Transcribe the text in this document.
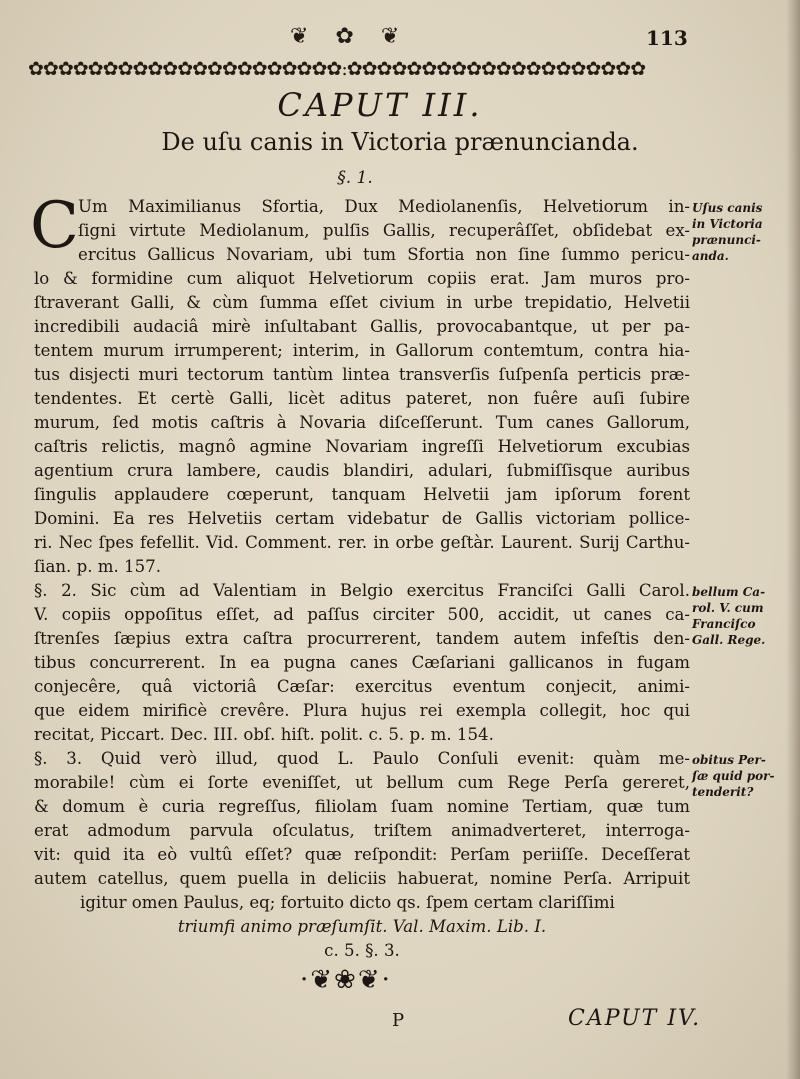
❦ ✿ ❦	113
✿✿✿✿✿✿✿✿✿✿✿✿✿✿✿✿✿✿✿✿✿:✿✿✿✿✿✿✿✿✿✿✿✿✿✿✿✿✿✿✿✿
CAPUT III.
De uſu canis in Victoria prænuncianda.
§. 1.
C Um Maximilianus Sfortia, Dux Mediolanenſis, Helvetiorum in-
ſigni virtute Mediolanum, pulſis Gallis, recuperâſſet, obſidebat ex-
ercitus Gallicus Novariam, ubi tum Sfortia non ſine ſummo pericu-
lo & formidine cum aliquot Helvetiorum copiis erat. Jam muros pro-
ſtraverant Galli, & cùm ſumma eſſet civium in urbe trepidatio, Helvetii
incredibili audaciâ mirè inſultabant Gallis, provocabantque, ut per pa-
tentem murum irrumperent; interim, in Gallorum contemtum, contra hia-
tus disjecti muri tectorum tantùm lintea transverſis ſuſpenſa perticis præ-
tendentes. Et certè Galli, licèt aditus pateret, non fuêre auſi ſubire
murum, ſed motis caſtris à Novaria diſceſſerunt. Tum canes Gallorum,
caſtris relictis, magnô agmine Novariam ingreſſi Helvetiorum excubias
agentium crura lambere, caudis blandiri, adulari, ſubmiſſisque auribus
ſingulis applaudere cœperunt, tanquam Helvetii jam ipſorum forent
Domini. Ea res Helvetiis certam videbatur de Gallis victoriam pollice-
ri. Nec ſpes fefellit. Vid. Comment. rer. in orbe geſtàr. Laurent. Surij Carthu-
ſian. p. m. 157.
§. 2. Sic cùm ad Valentiam in Belgio exercitus Franciſci Galli Carol.
V. copiis oppoſitus eſſet, ad paſſus circiter 500, accidit, ut canes ca-
ſtrenſes ſæpius extra caſtra procurrerent, tandem autem infeſtis den-
tibus concurrerent. In ea pugna canes Cæſariani gallicanos in fugam
conjecêre, quâ victoriâ Cæſar: exercitus eventum conjecit, animi-
que eidem mirificè crevêre. Plura hujus rei exempla collegit, hoc qui
recitat, Piccart. Dec. III. obſ. hiſt. polit. c. 5. p. m. 154.
§. 3. Quid verò illud, quod L. Paulo Conſuli evenit: quàm me-
morabile! cùm ei ſorte eveniſſet, ut bellum cum Rege Perſa gereret,
& domum è curia regreſſus, filiolam ſuam nomine Tertiam, quæ tum
erat admodum parvula oſculatus, triſtem animadverteret, interroga-
vit: quid ita eò vultû eſſet? quæ reſpondit: Perſam periiſſe. Deceſſerat
autem catellus, quem puella in deliciis habuerat, nomine Perſa. Arripuit
igitur omen Paulus, eq; fortuito dicto qs. ſpem certam clariſſimi
triumfi animo præſumſit. Val. Maxim. Lib. I.
c. 5. §. 3.
Uſus canis
in Victoria
prænunci-
anda.
bellum Ca-
rol. V. cum
Franciſco
Gall. Rege.
obitus Per-
ſæ quid por-
tenderit?
·❦❀❦·
P	CAPUT IV.
